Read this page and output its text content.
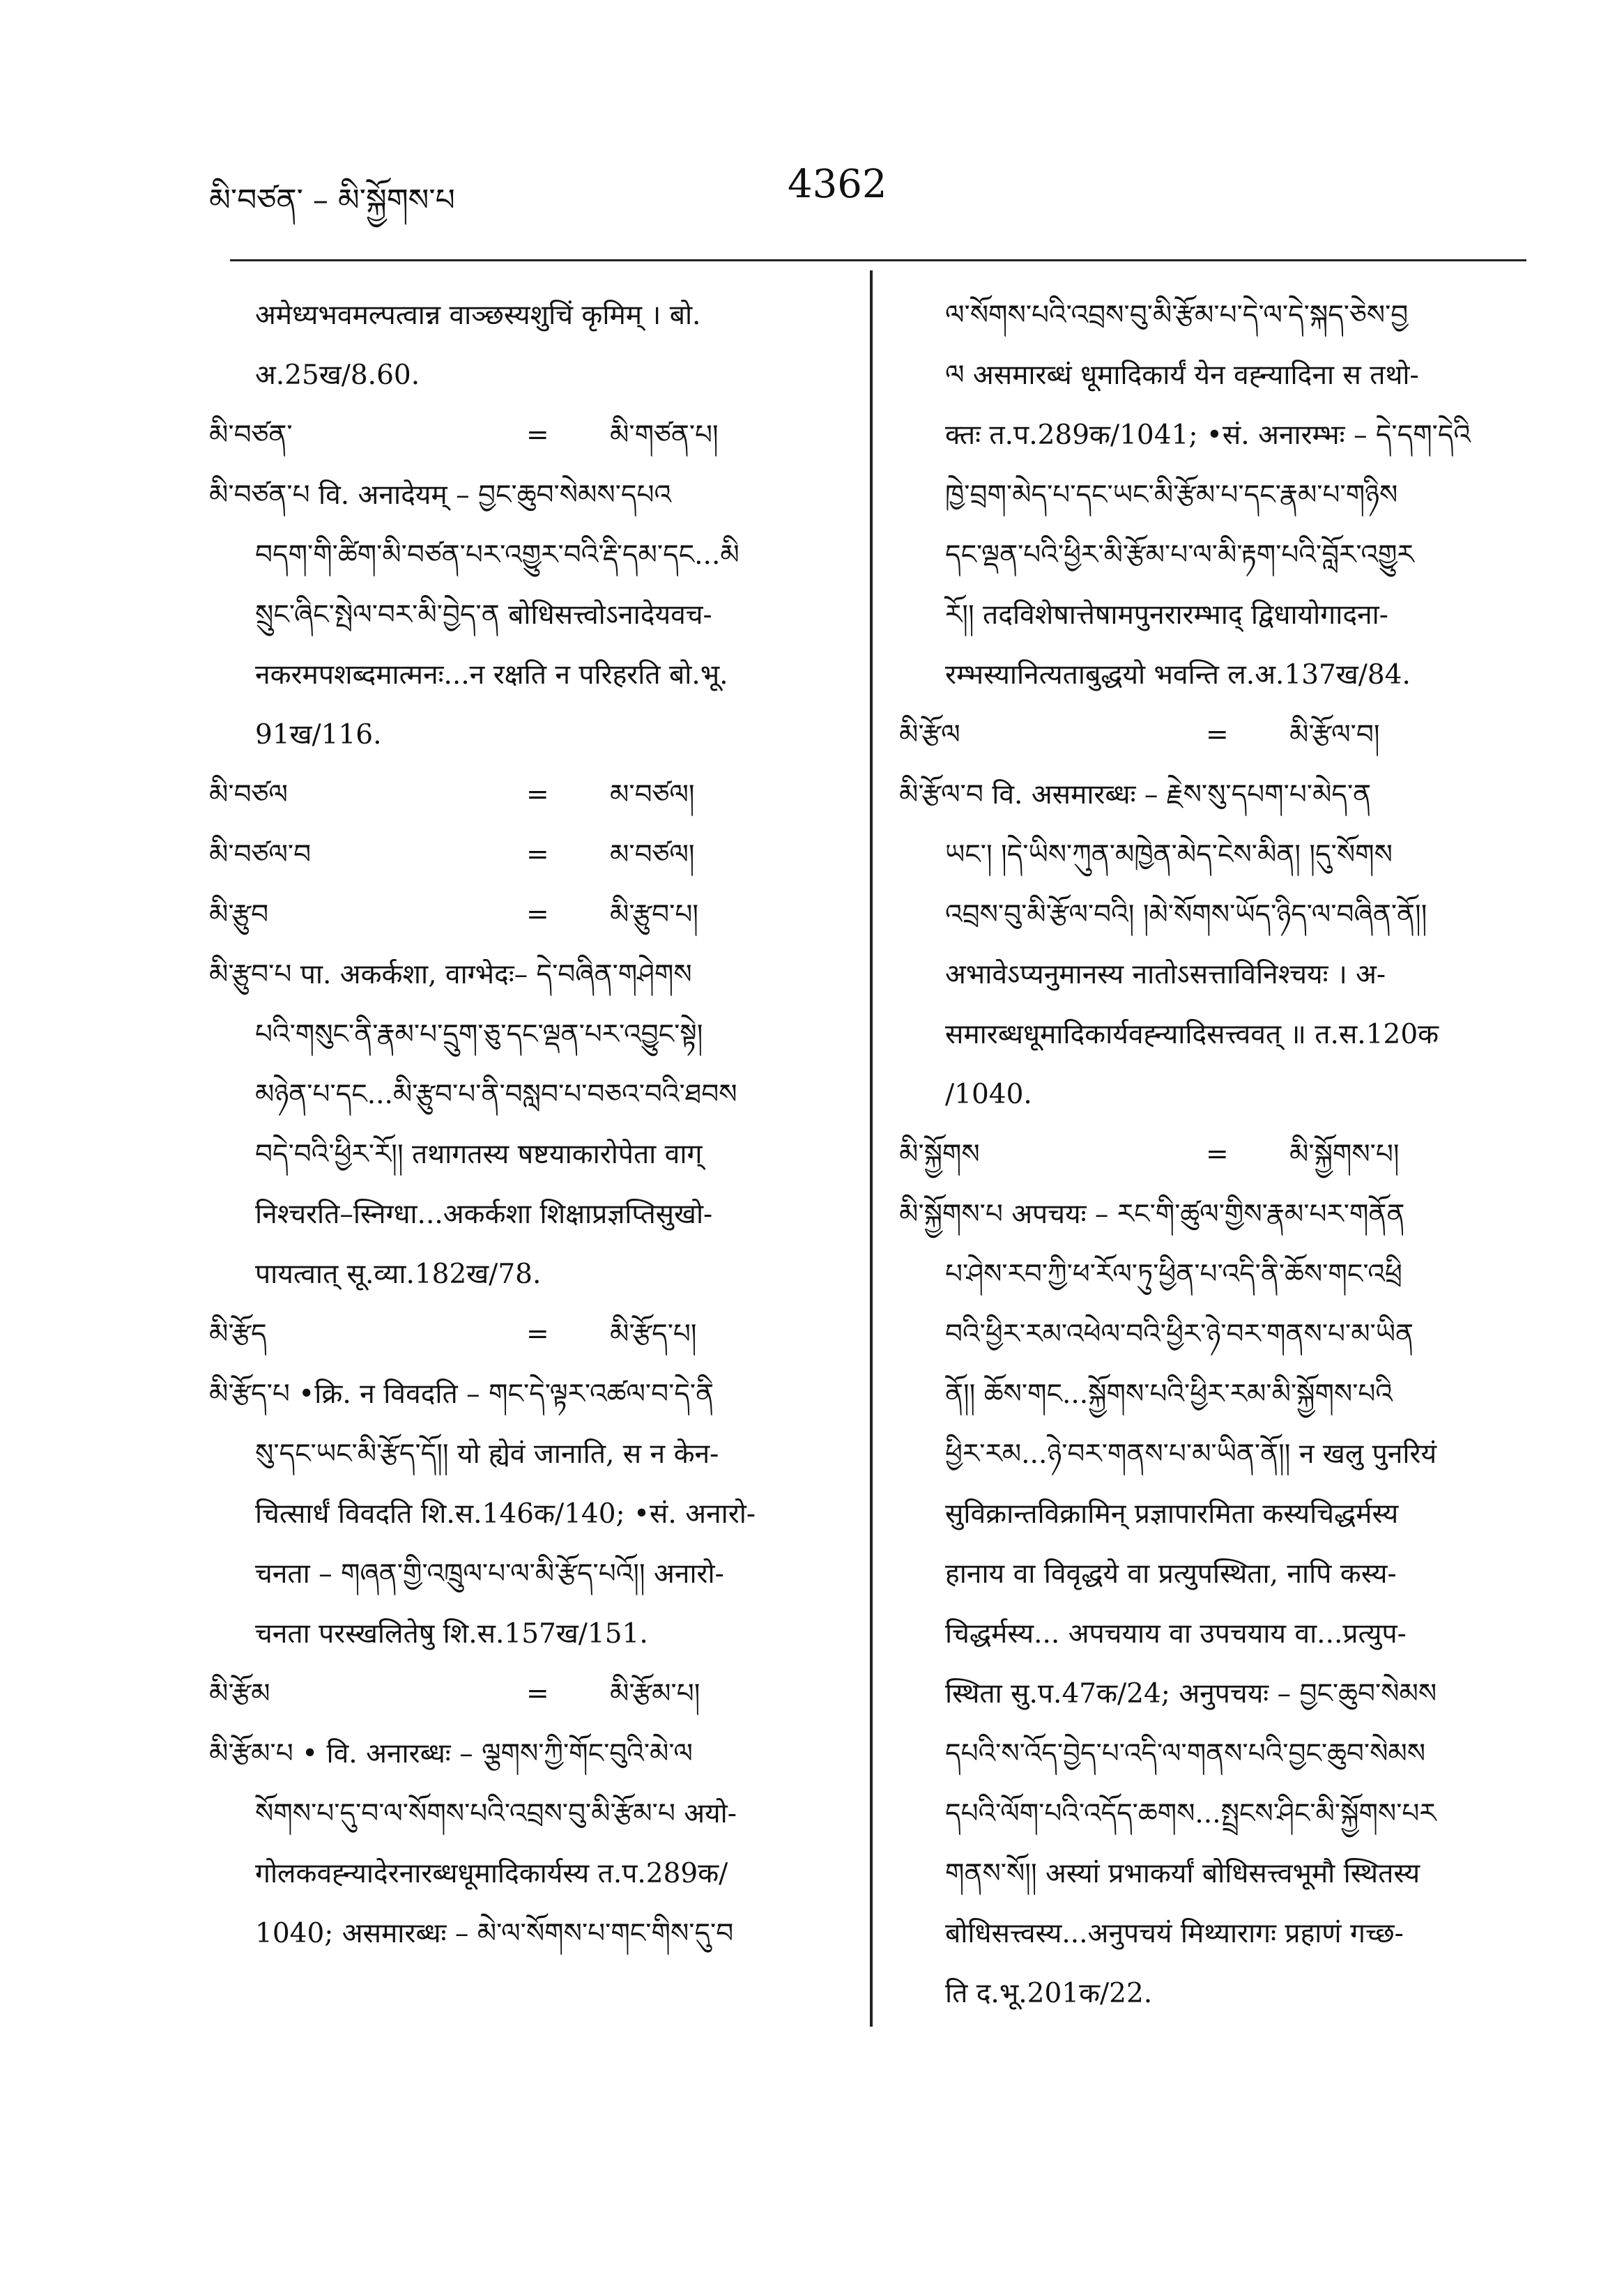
མི་བཙན་ – མི་སྐྱོགས་པ	4362
अमेध्यभवमल्पत्वान्न वाञ्छस्यशुचिं कृमिम् । बो.
अ.25ख/8.60.
མི་བཙན་	= མི་གཙན་པ།
མི་བཙན་པ वि. अनादेयम् – བྱང་ཆུབ་སེམས་དཔའ
བདག་གི་ཚིག་མི་བཙན་པར་འགྱུར་བའི་རྡི་དམ་དང...མི
སྲུང་ཞིང་སྤེལ་བར་མི་བྱེད་ན बोधिसत्त्वोऽनादेयवच-
नकरमपशब्दमात्मनः...न रक्षति न परिहरति बो.भू.
91ख/116.
མི་བཙལ	= མ་བཙལ།
མི་བཙལ་བ	= མ་བཙལ།
མི་རྩུབ	= མི་རྩུབ་པ།
མི་རྩུབ་པ पा. अकर्कशा, वाग्भेदः– དེ་བཞིན་གཤེགས
པའི་གསུང་ནི་རྣམ་པ་དྲུག་ཅུ་དང་ལྡན་པར་འབྱུང་སྟེ།
མཉེན་པ་དང...མི་རྩུབ་པ་ནི་བསླབ་པ་བཅའ་བའི་ཐབས
བདེ་བའི་ཕྱིར་རོ།། तथागतस्य षष्टयाकारोपेता वाग्
निश्चरति–स्निग्धा...अकर्कशा शिक्षाप्रज्ञप्तिसुखो-
पायत्वात् सू.व्या.182ख/78.
མི་རྩོད	= མི་རྩོད་པ།
མི་རྩོད་པ •क्रि. न विवदति – གང་དེ་ལྟར་འཚལ་བ་དེ་ནི
སུ་དང་ཡང་མི་རྩོད་དོ།། यो ह्येवं जानाति, स न केन-
चित्सार्धं विवदति शि.स.146क/140; •सं. अनारो-
चनता – གཞན་གྱི་འཁྲུལ་པ་ལ་མི་རྩོད་པའོ།། अनारो-
चनता परस्खलितेषु शि.स.157ख/151.
མི་རྩོམ	= མི་རྩོམ་པ།
མི་རྩོམ་པ • वि. अनारब्धः – ལྕགས་ཀྱི་གོང་བུའི་མེ་ལ
སོགས་པ་དུ་བ་ལ་སོགས་པའི་འབྲས་བུ་མི་རྩོམ་པ अयो-
गोलकवह्न्यादेरनारब्धधूमादिकार्यस्य त.प.289क/
1040; असमारब्धः – མེ་ལ་སོགས་པ་གང་གིས་དུ་བ
ལ་སོགས་པའི་འབྲས་བུ་མི་རྩོམ་པ་དེ་ལ་དེ་སྐད་ཅེས་བྱ
ལ असमारब्धं धूमादिकार्यं येन वह्न्यादिना स तथो-
क्तः त.प.289क/1041; •सं. अनारम्भः – དེ་དག་དེའི
ཁྱེ་བྲག་མེད་པ་དང་ཡང་མི་རྩོམ་པ་དང་རྣམ་པ་གཉིས
དང་ལྡན་པའི་ཕྱིར་མི་རྩོམ་པ་ལ་མི་རྟག་པའི་བློར་འགྱུར
རོ།། तदविशेषात्तेषामपुनरारम्भाद् द्विधायोगादना-
रम्भस्यानित्यताबुद्धयो भवन्ति ल.अ.137ख/84.
མི་རྩོལ	= མི་རྩོལ་བ།
མི་རྩོལ་བ वि. असमारब्धः – རྗེས་སུ་དཔག་པ་མེད་ན
ཡང་། །དེ་ཡིས་ཀུན་མཁྱེན་མེད་ངེས་མིན། །དུ་སོགས
འབྲས་བུ་མི་རྩོལ་བའི། །མེ་སོགས་ཡོད་ཉིད་ལ་བཞིན་ནོ།།
अभावेऽप्यनुमानस्य नातोऽसत्ताविनिश्चयः । अ-
समारब्धधूमादिकार्यवह्न्यादिसत्त्ववत् ॥ त.स.120क
/1040.
མི་སྐྱོགས	= མི་སྐྱོགས་པ།
མི་སྐྱོགས་པ अपचयः – རང་གི་ཚུལ་གྱིས་རྣམ་པར་གནོན
པ་ཤེས་རབ་ཀྱི་ཕ་རོལ་ཏུ་ཕྱིན་པ་འདི་ནི་ཆོས་གང་འཕྲི
བའི་ཕྱིར་རམ་འཕེལ་བའི་ཕྱིར་ཉེ་བར་གནས་པ་མ་ཡིན
ནོ།། ཆོས་གང...སྐྱོགས་པའི་ཕྱིར་རམ་མི་སྐྱོགས་པའི
ཕྱིར་རམ...ཉེ་བར་གནས་པ་མ་ཡིན་ནོ།། न खलु पुनरियं
सुविक्रान्तविक्रामिन् प्रज्ञापारमिता कस्यचिद्धर्मस्य
हानाय वा विवृद्धये वा प्रत्युपस्थिता, नापि कस्य-
चिद्धर्मस्य... अपचयाय वा उपचयाय वा...प्रत्युप-
स्थिता सु.प.47क/24; अनुपचयः – བྱང་ཆུབ་སེམས
དཔའི་ས་འོད་བྱེད་པ་འདི་ལ་གནས་པའི་བྱང་ཆུབ་སེམས
དཔའི་ལོག་པའི་འདོད་ཆགས...སྤྲངས་ཤིང་མི་སྐྱོགས་པར
གནས་སོ།། अस्यां प्रभाकर्यां बोधिसत्त्वभूमौ स्थितस्य
बोधिसत्त्वस्य...अनुपचयं मिथ्यारागः प्रहाणं गच्छ-
ति द.भू.201क/22.
